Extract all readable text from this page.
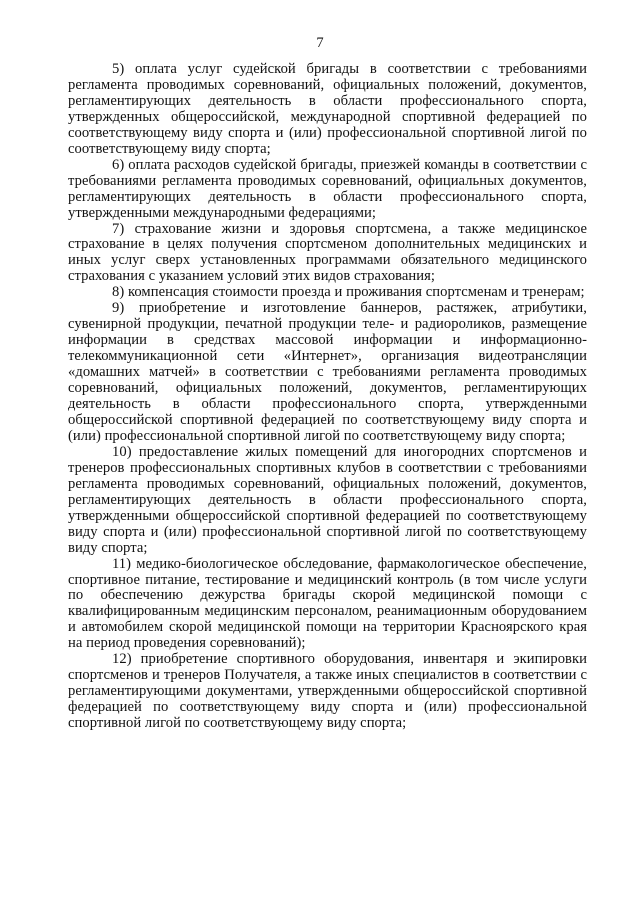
7

5) оплата услуг судейской бригады в соответствии с требованиями регламента проводимых соревнований, официальных положений, документов, регламентирующих деятельность в области профессионального спорта, утвержденных общероссийской, международной спортивной федерацией по соответствующему виду спорта и (или) профессиональной спортивной лигой по соответствующему виду спорта;

6) оплата расходов судейской бригады, приезжей команды в соответствии с требованиями регламента проводимых соревнований, официальных документов, регламентирующих деятельность в области профессионального спорта, утвержденными международными федерациями;

7) страхование жизни и здоровья спортсмена, а также медицинское страхование в целях получения спортсменом дополнительных медицинских и иных услуг сверх установленных программами обязательного медицинского страхования с указанием условий этих видов страхования;

8) компенсация стоимости проезда и проживания спортсменам и тренерам;

9) приобретение и изготовление баннеров, растяжек, атрибутики, сувенирной продукции, печатной продукции теле- и радиороликов, размещение информации в средствах массовой информации и информационно-телекоммуникационной сети «Интернет», организация видеотрансляции «домашних матчей» в соответствии с требованиями регламента проводимых соревнований, официальных положений, документов, регламентирующих деятельность в области профессионального спорта, утвержденными общероссийской спортивной федерацией по соответствующему виду спорта и (или) профессиональной спортивной лигой по соответствующему виду спорта;

10) предоставление жилых помещений для иногородних спортсменов и тренеров профессиональных спортивных клубов в соответствии с требованиями регламента проводимых соревнований, официальных положений, документов, регламентирующих деятельность в области профессионального спорта, утвержденными общероссийской спортивной федерацией по соответствующему виду спорта и (или) профессиональной спортивной лигой по соответствующему виду спорта;

11) медико-биологическое обследование, фармакологическое обеспечение, спортивное питание, тестирование и медицинский контроль (в том числе услуги по обеспечению дежурства бригады скорой медицинской помощи с квалифицированным медицинским персоналом, реанимационным оборудованием и автомобилем скорой медицинской помощи на территории Красноярского края на период проведения соревнований);

12) приобретение спортивного оборудования, инвентаря и экипировки спортсменов и тренеров Получателя, а также иных специалистов в соответствии с регламентирующими документами, утвержденными общероссийской спортивной федерацией по соответствующему виду спорта и (или) профессиональной спортивной лигой по соответствующему виду спорта;
